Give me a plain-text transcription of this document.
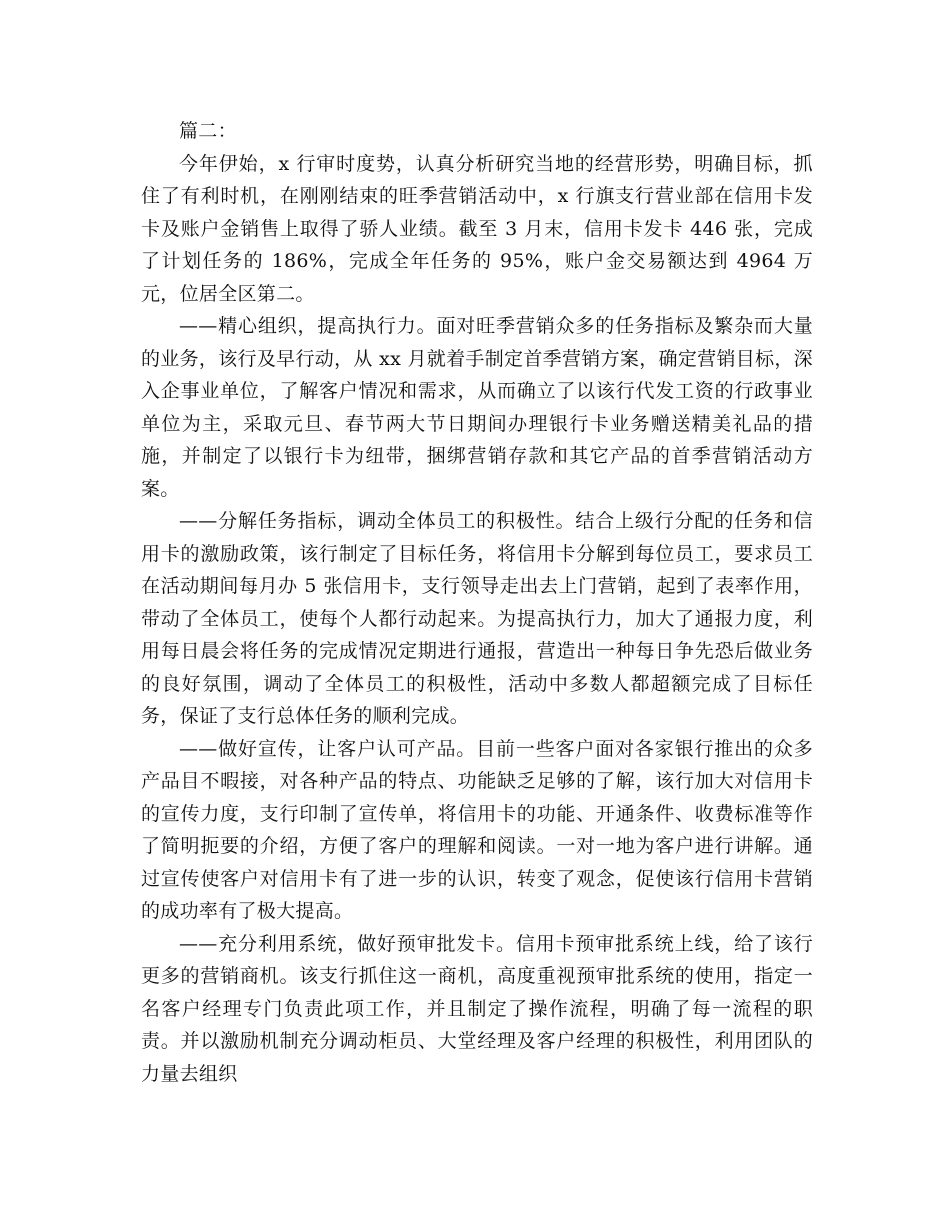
篇二：

今年伊始，x 行审时度势，认真分析研究当地的经营形势，明确目标，抓住了有利时机，在刚刚结束的旺季营销活动中，x 行旗支行营业部在信用卡发卡及账户金销售上取得了骄人业绩。截至 3 月末，信用卡发卡 446 张，完成了计划任务的 186%，完成全年任务的 95%，账户金交易额达到 4964 万元，位居全区第二。

——精心组织，提高执行力。面对旺季营销众多的任务指标及繁杂而大量的业务，该行及早行动，从 xx 月就着手制定首季营销方案，确定营销目标，深入企事业单位，了解客户情况和需求，从而确立了以该行代发工资的行政事业单位为主，采取元旦、春节两大节日期间办理银行卡业务赠送精美礼品的措施，并制定了以银行卡为纽带，捆绑营销存款和其它产品的首季营销活动方案。

——分解任务指标，调动全体员工的积极性。结合上级行分配的任务和信用卡的激励政策，该行制定了目标任务，将信用卡分解到每位员工，要求员工在活动期间每月办 5 张信用卡，支行领导走出去上门营销，起到了表率作用，带动了全体员工，使每个人都行动起来。为提高执行力，加大了通报力度，利用每日晨会将任务的完成情况定期进行通报，营造出一种每日争先恐后做业务的良好氛围，调动了全体员工的积极性，活动中多数人都超额完成了目标任务，保证了支行总体任务的顺利完成。

——做好宣传，让客户认可产品。目前一些客户面对各家银行推出的众多产品目不暇接，对各种产品的特点、功能缺乏足够的了解，该行加大对信用卡的宣传力度，支行印制了宣传单，将信用卡的功能、开通条件、收费标准等作了简明扼要的介绍，方便了客户的理解和阅读。一对一地为客户进行讲解。通过宣传使客户对信用卡有了进一步的认识，转变了观念，促使该行信用卡营销的成功率有了极大提高。

——充分利用系统，做好预审批发卡。信用卡预审批系统上线，给了该行更多的营销商机。该支行抓住这一商机，高度重视预审批系统的使用，指定一名客户经理专门负责此项工作，并且制定了操作流程，明确了每一流程的职责。并以激励机制充分调动柜员、大堂经理及客户经理的积极性，利用团队的力量去组织
